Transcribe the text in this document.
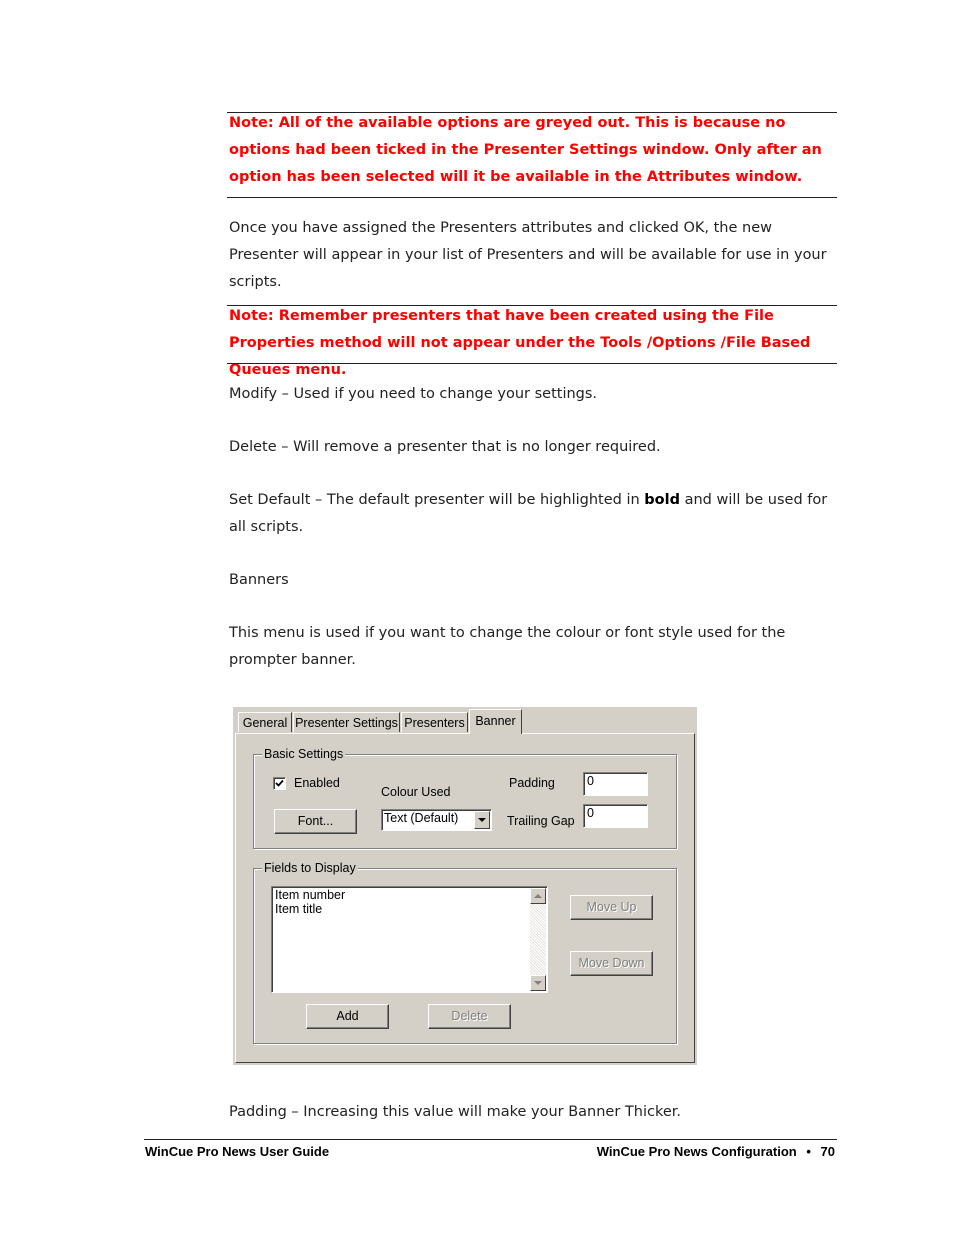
Note: All of the available options are greyed out. This is because no options had been ticked in the Presenter Settings window. Only after an option has been selected will it be available in the Attributes window.
Once you have assigned the Presenters attributes and clicked OK, the new Presenter will appear in your list of Presenters and will be available for use in your scripts.
Note: Remember presenters that have been created using the File Properties method will not appear under the Tools /Options /File Based Queues menu.
Modify – Used if you need to change your settings.
Delete – Will remove a presenter that is no longer required.
Set Default – The default presenter will be highlighted in bold and will be used for all scripts.
Banners
This menu is used if you want to change the colour or font style used for the prompter banner.
General Presenter Settings Presenters Banner
Basic Settings
Enabled
Colour Used
Padding	0
Font...	Text (Default)	Trailing Gap
0
Fields to Display
Item number
Item title	Move Up
Move Down
Add	Delete
Padding – Increasing this value will make your Banner Thicker.
WinCue Pro News User Guide	WinCue Pro News Configuration • 70
